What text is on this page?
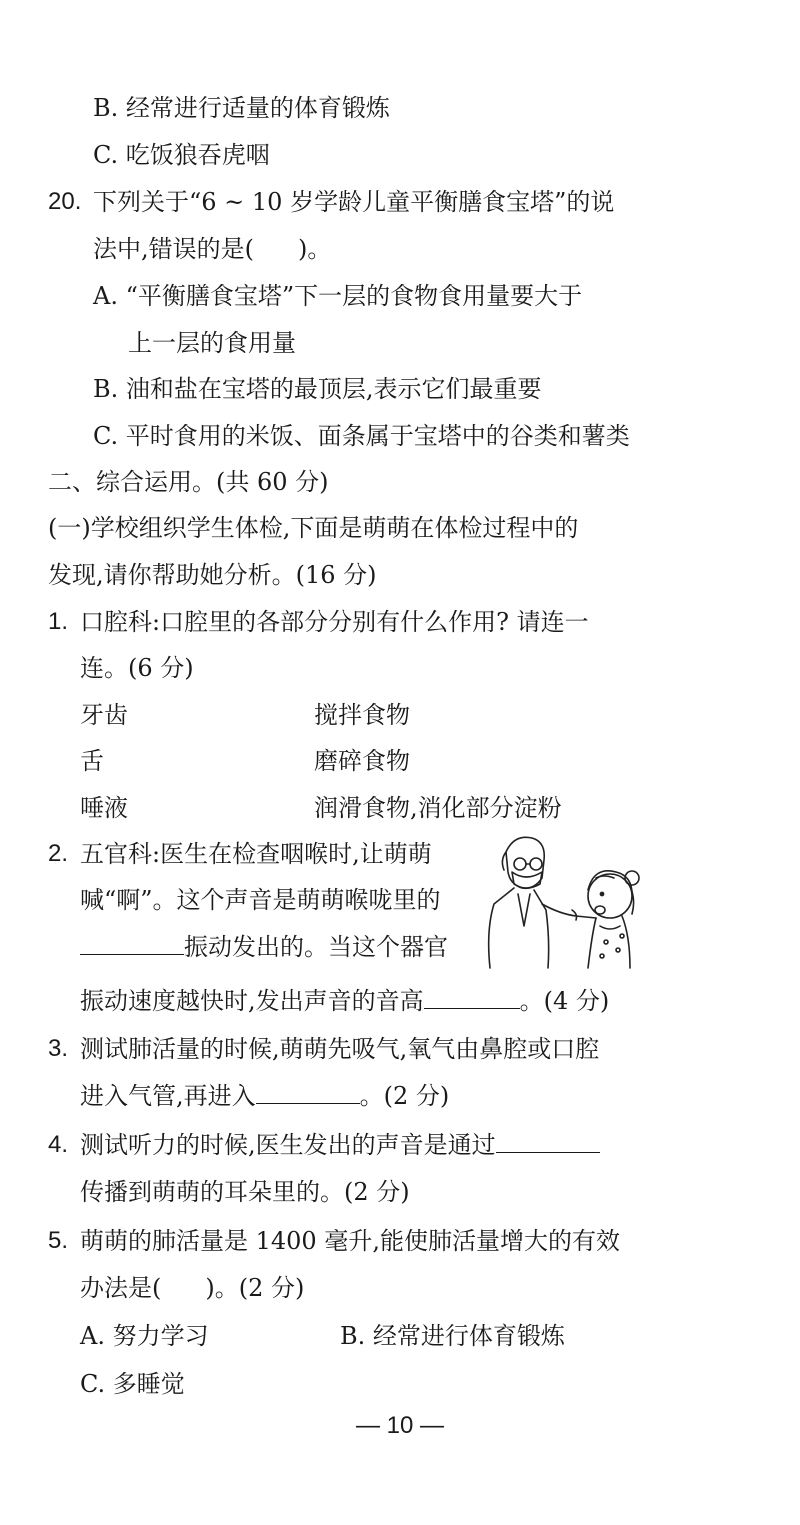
B. 经常进行适量的体育锻炼
C. 吃饭狼吞虎咽
20. 下列关于“6 ~ 10 岁学龄儿童平衡膳食宝塔”的说
法中,错误的是( )。
A. “平衡膳食宝塔”下一层的食物食用量要大于
上一层的食用量
B. 油和盐在宝塔的最顶层,表示它们最重要
C. 平时食用的米饭、面条属于宝塔中的谷类和薯类
二、综合运用。(共 60 分)
(一)学校组织学生体检,下面是萌萌在体检过程中的
发现,请你帮助她分析。(16 分)
1. 口腔科:口腔里的各部分分别有什么作用? 请连一
连。(6 分)
牙齿	搅拌食物
舌	磨碎食物
唾液	润滑食物,消化部分淀粉
2. 五官科:医生在检查咽喉时,让萌萌
喊“啊”。这个声音是萌萌喉咙里的
振动发出的。当这个器官
振动速度越快时,发出声音的音高	。(4 分)
3. 测试肺活量的时候,萌萌先吸气,氧气由鼻腔或口腔
进入气管,再进入	。(2 分)
4. 测试听力的时候,医生发出的声音是通过
传播到萌萌的耳朵里的。(2 分)
5. 萌萌的肺活量是 1400 毫升,能使肺活量增大的有效
办法是( )。(2 分)
A. 努力学习	B. 经常进行体育锻炼
C. 多睡觉
— 10 —
